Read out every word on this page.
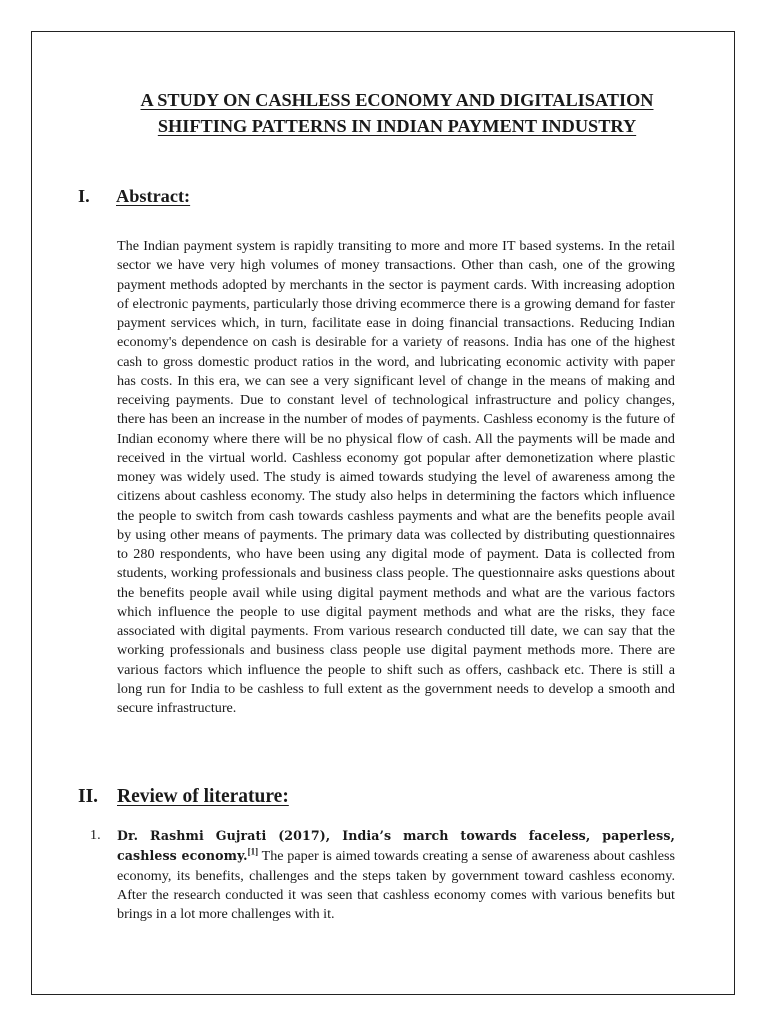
A STUDY ON CASHLESS ECONOMY AND DIGITALISATION SHIFTING PATTERNS IN INDIAN PAYMENT INDUSTRY
I.	Abstract:

The Indian payment system is rapidly transiting to more and more IT based systems. In the retail sector we have very high volumes of money transactions. Other than cash, one of the growing payment methods adopted by merchants in the sector is payment cards. With increasing adoption of electronic payments, particularly those driving ecommerce there is a growing demand for faster payment services which, in turn, facilitate ease in doing financial transactions. Reducing Indian economy's dependence on cash is desirable for a variety of reasons. India has one of the highest cash to gross domestic product ratios in the word, and lubricating economic activity with paper has costs. In this era, we can see a very significant level of change in the means of making and receiving payments. Due to constant level of technological infrastructure and policy changes, there has been an increase in the number of modes of payments. Cashless economy is the future of Indian economy where there will be no physical flow of cash. All the payments will be made and received in the virtual world. Cashless economy got popular after demonetization where plastic money was widely used. The study is aimed towards studying the level of awareness among the citizens about cashless economy. The study also helps in determining the factors which influence the people to switch from cash towards cashless payments and what are the benefits people avail by using other means of payments. The primary data was collected by distributing questionnaires to 280 respondents, who have been using any digital mode of payment. Data is collected from students, working professionals and business class people. The questionnaire asks questions about the benefits people avail while using digital payment methods and what are the various factors which influence the people to use digital payment methods and what are the risks, they face associated with digital payments. From various research conducted till date, we can say that the working professionals and business class people use digital payment methods more. There are various factors which influence the people to shift such as offers, cashback etc. There is still a long run for India to be cashless to full extent as the government needs to develop a smooth and secure infrastructure.

II. Review of literature:
1.	Dr. Rashmi Gujrati (2017), India’s march towards faceless, paperless, cashless economy.[1] The paper is aimed towards creating a sense of awareness about cashless economy, its benefits, challenges and the steps taken by government toward cashless economy. After the research conducted it was seen that cashless economy comes with various benefits but brings in a lot more challenges with it.
